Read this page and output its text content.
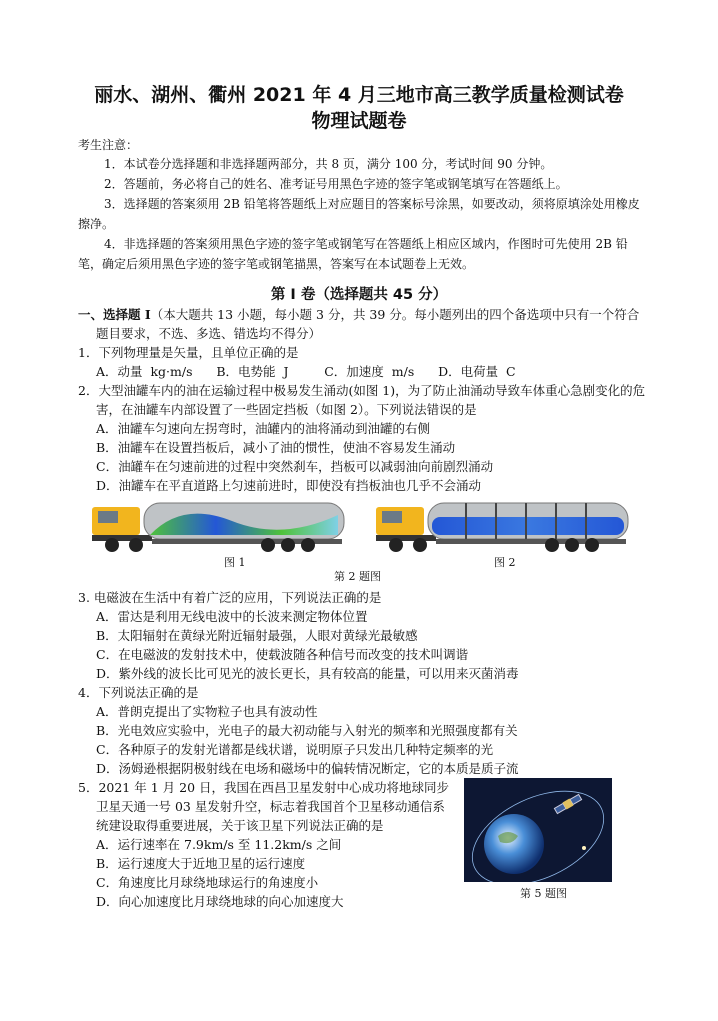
丽水、湖州、衢州 2021 年 4 月三地市高三教学质量检测试卷
物理试题卷
考生注意：

1．本试卷分选择题和非选择题两部分，共 8 页，满分 100 分，考试时间 90 分钟。

2．答题前，务必将自己的姓名、准考证号用黑色字迹的签字笔或钢笔填写在答题纸上。

3．选择题的答案须用 2B 铅笔将答题纸上对应题目的答案标号涂黑，如要改动，须将原填涂处用橡皮擦净。

4．非选择题的答案须用黑色字迹的签字笔或钢笔写在答题纸上相应区域内，作图时可先使用 2B 铅笔，确定后须用黑色字迹的签字笔或钢笔描黑，答案写在本试题卷上无效。

第 I 卷（选择题共 45 分）

一、选择题 I（本大题共 13 小题，每小题 3 分，共 39 分。每小题列出的四个备选项中只有一个符合题目要求，不选、多选、错选均不得分）

1．下列物理量是矢量，且单位正确的是

A．动量  kg·m/s      B．电势能  J         C．加速度  m/s      D．电荷量  C

2．大型油罐车内的油在运输过程中极易发生涌动(如图 1)，为了防止油涌动导致车体重心急剧变化的危害，在油罐车内部设置了一些固定挡板（如图 2）。下列说法错误的是

A．油罐车匀速向左拐弯时，油罐内的油将涌动到油罐的右侧

B．油罐车在设置挡板后，减小了油的惯性，使油不容易发生涌动

C．油罐车在匀速前进的过程中突然刹车，挡板可以减弱油向前剧烈涌动

D．油罐车在平直道路上匀速前进时，即使没有挡板油也几乎不会涌动

图 1	图 2
第 2 题图

3. 电磁波在生活中有着广泛的应用，下列说法正确的是

A．雷达是利用无线电波中的长波来测定物体位置

B．太阳辐射在黄绿光附近辐射最强，人眼对黄绿光最敏感

C．在电磁波的发射技术中，使载波随各种信号而改变的技术叫调谐

D．紫外线的波长比可见光的波长更长，具有较高的能量，可以用来灭菌消毒

4．下列说法正确的是

A．普朗克提出了实物粒子也具有波动性

B．光电效应实验中，光电子的最大初动能与入射光的频率和光照强度都有关

C．各种原子的发射光谱都是线状谱，说明原子只发出几种特定频率的光

D．汤姆逊根据阴极射线在电场和磁场中的偏转情况断定，它的本质是质子流

5．2021 年 1 月 20 日，我国在西昌卫星发射中心成功将地球同步卫星天通一号 03 星发射升空，标志着我国首个卫星移动通信系统建设取得重要进展，关于该卫星下列说法正确的是

A．运行速率在 7.9km/s 至 11.2km/s 之间

B．运行速度大于近地卫星的运行速度

C．角速度比月球绕地球运行的角速度小

D．向心加速度比月球绕地球的向心加速度大

第 5 题图
